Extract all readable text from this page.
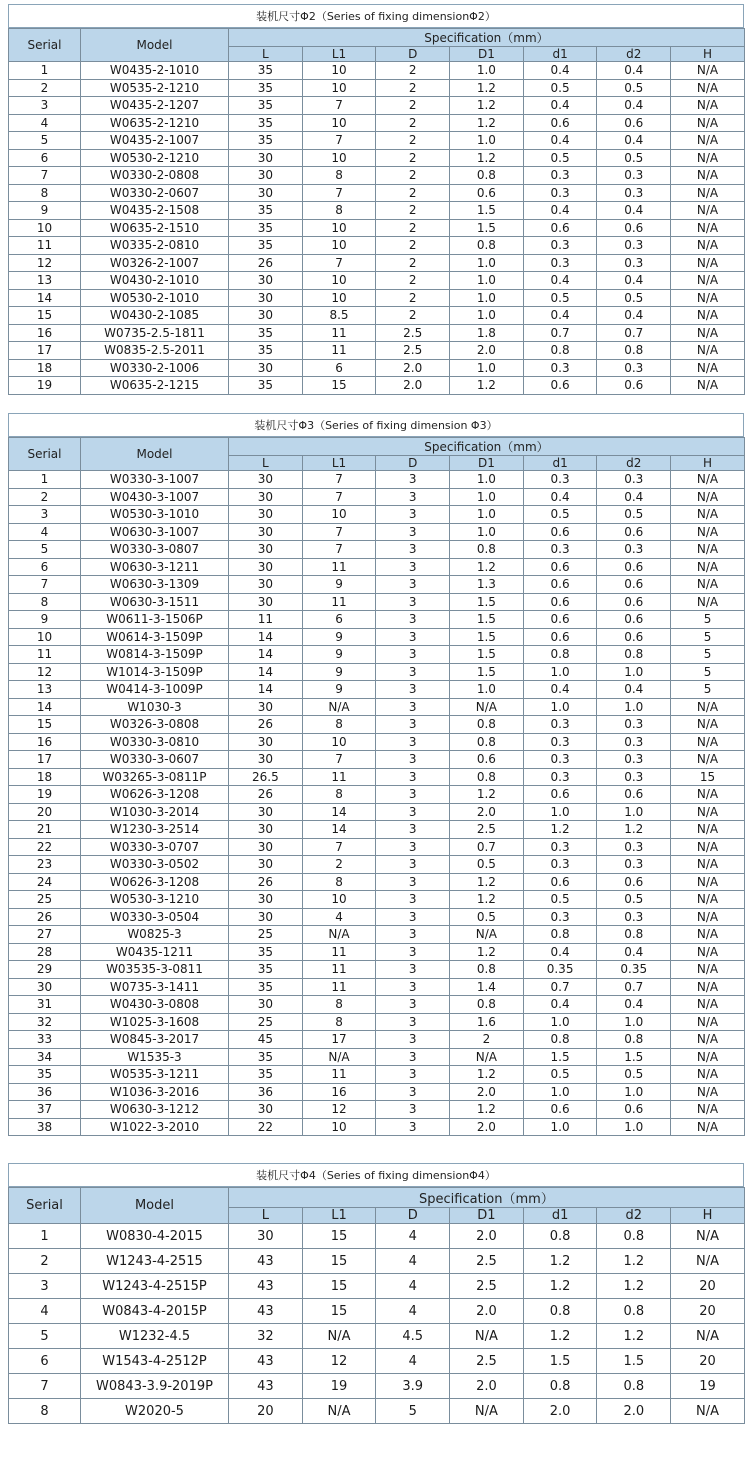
装机尺寸Φ2（Series of fixing dimensionΦ2）
Serial	Model	Specification（mm）						
		L	L1	D	D1	d1	d2	H
1	W0435-2-1010	35	10	2	1.0	0.4	0.4	N/A
2	W0535-2-1210	35	10	2	1.2	0.5	0.5	N/A
3	W0435-2-1207	35	7	2	1.2	0.4	0.4	N/A
4	W0635-2-1210	35	10	2	1.2	0.6	0.6	N/A
5	W0435-2-1007	35	7	2	1.0	0.4	0.4	N/A
6	W0530-2-1210	30	10	2	1.2	0.5	0.5	N/A
7	W0330-2-0808	30	8	2	0.8	0.3	0.3	N/A
8	W0330-2-0607	30	7	2	0.6	0.3	0.3	N/A
9	W0435-2-1508	35	8	2	1.5	0.4	0.4	N/A
10	W0635-2-1510	35	10	2	1.5	0.6	0.6	N/A
11	W0335-2-0810	35	10	2	0.8	0.3	0.3	N/A
12	W0326-2-1007	26	7	2	1.0	0.3	0.3	N/A
13	W0430-2-1010	30	10	2	1.0	0.4	0.4	N/A
14	W0530-2-1010	30	10	2	1.0	0.5	0.5	N/A
15	W0430-2-1085	30	8.5	2	1.0	0.4	0.4	N/A
16	W0735-2.5-1811	35	11	2.5	1.8	0.7	0.7	N/A
17	W0835-2.5-2011	35	11	2.5	2.0	0.8	0.8	N/A
18	W0330-2-1006	30	6	2.0	1.0	0.3	0.3	N/A
19	W0635-2-1215	35	15	2.0	1.2	0.6	0.6	N/A
装机尺寸Φ3（Series of fixing dimension Φ3）
Serial	Model	Specification（mm）						
		L	L1	D	D1	d1	d2	H
1	W0330-3-1007	30	7	3	1.0	0.3	0.3	N/A
2	W0430-3-1007	30	7	3	1.0	0.4	0.4	N/A
3	W0530-3-1010	30	10	3	1.0	0.5	0.5	N/A
4	W0630-3-1007	30	7	3	1.0	0.6	0.6	N/A
5	W0330-3-0807	30	7	3	0.8	0.3	0.3	N/A
6	W0630-3-1211	30	11	3	1.2	0.6	0.6	N/A
7	W0630-3-1309	30	9	3	1.3	0.6	0.6	N/A
8	W0630-3-1511	30	11	3	1.5	0.6	0.6	N/A
9	W0611-3-1506P	11	6	3	1.5	0.6	0.6	5
10	W0614-3-1509P	14	9	3	1.5	0.6	0.6	5
11	W0814-3-1509P	14	9	3	1.5	0.8	0.8	5
12	W1014-3-1509P	14	9	3	1.5	1.0	1.0	5
13	W0414-3-1009P	14	9	3	1.0	0.4	0.4	5
14	W1030-3	30	N/A	3	N/A	1.0	1.0	N/A
15	W0326-3-0808	26	8	3	0.8	0.3	0.3	N/A
16	W0330-3-0810	30	10	3	0.8	0.3	0.3	N/A
17	W0330-3-0607	30	7	3	0.6	0.3	0.3	N/A
18	W03265-3-0811P	26.5	11	3	0.8	0.3	0.3	15
19	W0626-3-1208	26	8	3	1.2	0.6	0.6	N/A
20	W1030-3-2014	30	14	3	2.0	1.0	1.0	N/A
21	W1230-3-2514	30	14	3	2.5	1.2	1.2	N/A
22	W0330-3-0707	30	7	3	0.7	0.3	0.3	N/A
23	W0330-3-0502	30	2	3	0.5	0.3	0.3	N/A
24	W0626-3-1208	26	8	3	1.2	0.6	0.6	N/A
25	W0530-3-1210	30	10	3	1.2	0.5	0.5	N/A
26	W0330-3-0504	30	4	3	0.5	0.3	0.3	N/A
27	W0825-3	25	N/A	3	N/A	0.8	0.8	N/A
28	W0435-1211	35	11	3	1.2	0.4	0.4	N/A
29	W03535-3-0811	35	11	3	0.8	0.35	0.35	N/A
30	W0735-3-1411	35	11	3	1.4	0.7	0.7	N/A
31	W0430-3-0808	30	8	3	0.8	0.4	0.4	N/A
32	W1025-3-1608	25	8	3	1.6	1.0	1.0	N/A
33	W0845-3-2017	45	17	3	2	0.8	0.8	N/A
34	W1535-3	35	N/A	3	N/A	1.5	1.5	N/A
35	W0535-3-1211	35	11	3	1.2	0.5	0.5	N/A
36	W1036-3-2016	36	16	3	2.0	1.0	1.0	N/A
37	W0630-3-1212	30	12	3	1.2	0.6	0.6	N/A
38	W1022-3-2010	22	10	3	2.0	1.0	1.0	N/A
装机尺寸Φ4（Series of fixing dimensionΦ4）
Serial	Model	Specification（mm）						
		L	L1	D	D1	d1	d2	H
1	W0830-4-2015	30	15	4	2.0	0.8	0.8	N/A
2	W1243-4-2515	43	15	4	2.5	1.2	1.2	N/A
3	W1243-4-2515P	43	15	4	2.5	1.2	1.2	20
4	W0843-4-2015P	43	15	4	2.0	0.8	0.8	20
5	W1232-4.5	32	N/A	4.5	N/A	1.2	1.2	N/A
6	W1543-4-2512P	43	12	4	2.5	1.5	1.5	20
7	W0843-3.9-2019P	43	19	3.9	2.0	0.8	0.8	19
8	W2020-5	20	N/A	5	N/A	2.0	2.0	N/A
